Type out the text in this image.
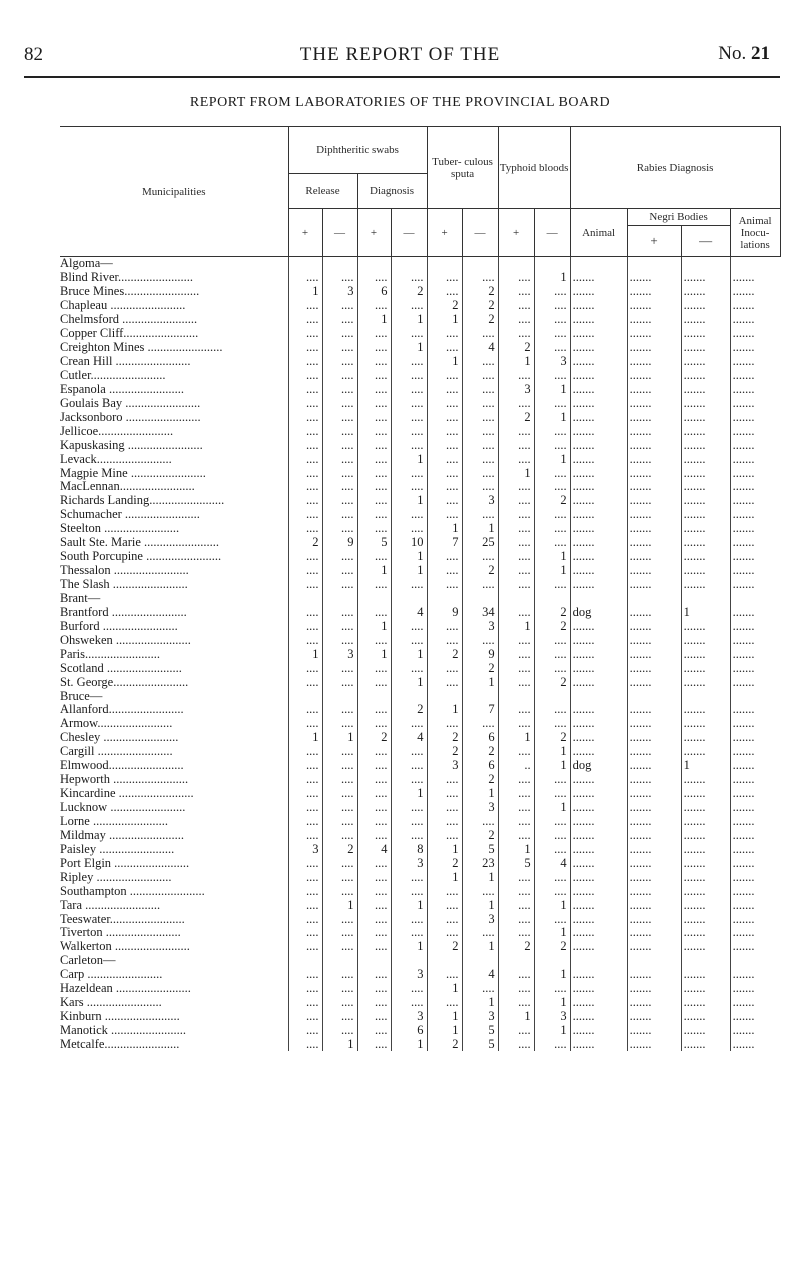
82	THE REPORT OF THE	No. 21
REPORT FROM LABORATORIES OF THE PROVINCIAL BOARD
Municipalities	Diphtheritic swabs				Tuber- culous sputa		Typhoid bloods		Rabies Diagnosis			
	Release		Diagnosis									
	+	—	+	—	+	—	+	—	Animal	Negri Bodies		Animal Inocu- lations
										+	—	
Algoma—												
Blind River........................	....	....	....	....	....	....	....	1	.......	.......	.......	.......
Bruce Mines........................	1	3	6	2	....	2	....	....	.......	.......	.......	.......
Chapleau ........................	....	....	....	....	2	2	....	....	.......	.......	.......	.......
Chelmsford ........................	....	....	1	1	1	2	....	....	.......	.......	.......	.......
Copper Cliff........................	....	....	....	....	....	....	....	....	.......	.......	.......	.......
Creighton Mines ........................	....	....	....	1	....	4	2	....	.......	.......	.......	.......
Crean Hill ........................	....	....	....	....	1	....	1	3	.......	.......	.......	.......
Cutler........................	....	....	....	....	....	....	....	....	.......	.......	.......	.......
Espanola ........................	....	....	....	....	....	....	3	1	.......	.......	.......	.......
Goulais Bay ........................	....	....	....	....	....	....	....	....	.......	.......	.......	.......
Jacksonboro ........................	....	....	....	....	....	....	2	1	.......	.......	.......	.......
Jellicoe........................	....	....	....	....	....	....	....	....	.......	.......	.......	.......
Kapuskasing ........................	....	....	....	....	....	....	....	....	.......	.......	.......	.......
Levack........................	....	....	....	1	....	....	....	1	.......	.......	.......	.......
Magpie Mine ........................	....	....	....	....	....	....	1	....	.......	.......	.......	.......
MacLennan........................	....	....	....	....	....	....	....	....	.......	.......	.......	.......
Richards Landing........................	....	....	....	1	....	3	....	2	.......	.......	.......	.......
Schumacher ........................	....	....	....	....	....	....	....	....	.......	.......	.......	.......
Steelton ........................	....	....	....	....	1	1	....	....	.......	.......	.......	.......
Sault Ste. Marie ........................	2	9	5	10	7	25	....	....	.......	.......	.......	.......
South Porcupine ........................	....	....	....	1	....	....	....	1	.......	.......	.......	.......
Thessalon ........................	....	....	1	1	....	2	....	1	.......	.......	.......	.......
The Slash ........................	....	....	....	....	....	....	....	....	.......	.......	.......	.......
Brant—												
Brantford ........................	....	....	....	4	9	34	....	2	dog	.......	1	.......
Burford ........................	....	....	1	....	....	3	1	2	.......	.......	.......	.......
Ohsweken ........................	....	....	....	....	....	....	....	....	.......	.......	.......	.......
Paris........................	1	3	1	1	2	9	....	....	.......	.......	.......	.......
Scotland ........................	....	....	....	....	....	2	....	....	.......	.......	.......	.......
St. George........................	....	....	....	1	....	1	....	2	.......	.......	.......	.......
Bruce—												
Allanford........................	....	....	....	2	1	7	....	....	.......	.......	.......	.......
Armow........................	....	....	....	....	....	....	....	....	.......	.......	.......	.......
Chesley ........................	1	1	2	4	2	6	1	2	.......	.......	.......	.......
Cargill ........................	....	....	....	....	2	2	....	1	.......	.......	.......	.......
Elmwood........................	....	....	....	....	3	6	..	1	dog	.......	1	.......
Hepworth ........................	....	....	....	....	....	2	....	....	.......	.......	.......	.......
Kincardine ........................	....	....	....	1	....	1	....	....	.......	.......	.......	.......
Lucknow ........................	....	....	....	....	....	3	....	1	.......	.......	.......	.......
Lorne ........................	....	....	....	....	....	....	....	....	.......	.......	.......	.......
Mildmay ........................	....	....	....	....	....	2	....	....	.......	.......	.......	.......
Paisley ........................	3	2	4	8	1	5	1	....	.......	.......	.......	.......
Port Elgin ........................	....	....	....	3	2	23	5	4	.......	.......	.......	.......
Ripley ........................	....	....	....	....	1	1	....	....	.......	.......	.......	.......
Southampton ........................	....	....	....	....	....	....	....	....	.......	.......	.......	.......
Tara ........................	....	1	....	1	....	1	....	1	.......	.......	.......	.......
Teeswater........................	....	....	....	....	....	3	....	....	.......	.......	.......	.......
Tiverton ........................	....	....	....	....	....	....	....	1	.......	.......	.......	.......
Walkerton ........................	....	....	....	1	2	1	2	2	.......	.......	.......	.......
Carleton—												
Carp ........................	....	....	....	3	....	4	....	1	.......	.......	.......	.......
Hazeldean ........................	....	....	....	....	1	....	....	....	.......	.......	.......	.......
Kars ........................	....	....	....	....	....	1	....	1	.......	.......	.......	.......
Kinburn ........................	....	....	....	3	1	3	1	3	.......	.......	.......	.......
Manotick ........................	....	....	....	6	1	5	....	1	.......	.......	.......	.......
Metcalfe........................	....	1	....	1	2	5	....	....	.......	.......	.......	.......
